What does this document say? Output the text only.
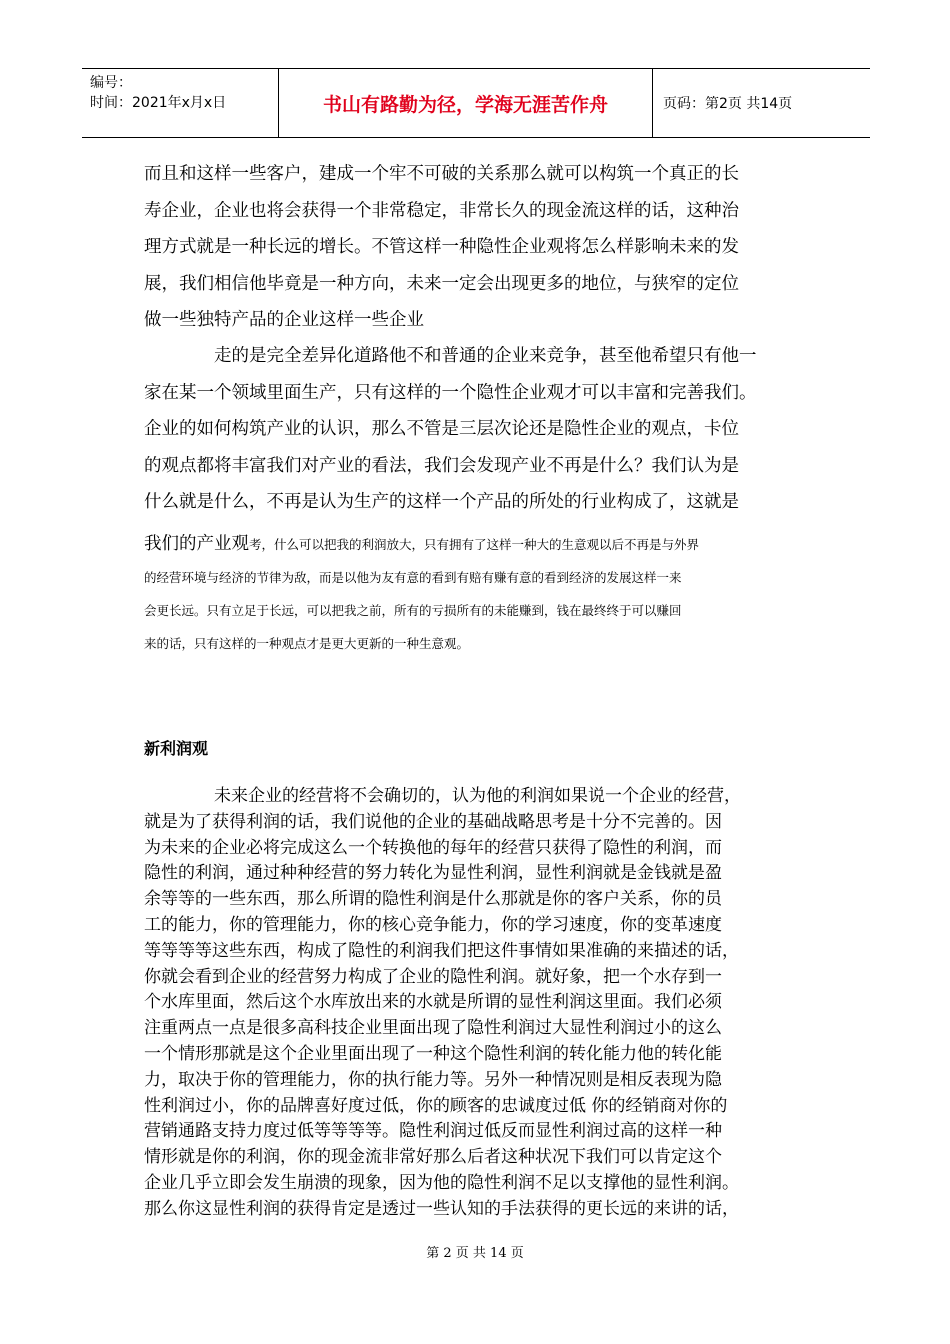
编号：
时间：2021年x月x日	书山有路勤为径，学海无涯苦作舟	页码：第2页 共14页
而且和这样一些客户，建成一个牢不可破的关系那么就可以构筑一个真正的长
寿企业，企业也将会获得一个非常稳定，非常长久的现金流这样的话，这种治
理方式就是一种长远的增长。不管这样一种隐性企业观将怎么样影响未来的发
展，我们相信他毕竟是一种方向，未来一定会出现更多的地位，与狭窄的定位
做一些独特产品的企业这样一些企业
走的是完全差异化道路他不和普通的企业来竞争，甚至他希望只有他一
家在某一个领域里面生产，只有这样的一个隐性企业观才可以丰富和完善我们。
企业的如何构筑产业的认识，那么不管是三层次论还是隐性企业的观点，卡位
的观点都将丰富我们对产业的看法，我们会发现产业不再是什么？我们认为是
什么就是什么，不再是认为生产的这样一个产品的所处的行业构成了，这就是
我们的产业观考，什么可以把我的利润放大，只有拥有了这样一种大的生意观以后不再是与外界
的经营环境与经济的节律为敌，而是以他为友有意的看到有赔有赚有意的看到经济的发展这样一来
会更长远。只有立足于长远，可以把我之前，所有的亏损所有的未能赚到，钱在最终终于可以赚回
来的话，只有这样的一种观点才是更大更新的一种生意观。
新利润观
未来企业的经营将不会确切的，认为他的利润如果说一个企业的经营，
就是为了获得利润的话，我们说他的企业的基础战略思考是十分不完善的。因
为未来的企业必将完成这么一个转换他的每年的经营只获得了隐性的利润，而
隐性的利润，通过种种经营的努力转化为显性利润，显性利润就是金钱就是盈
余等等的一些东西，那么所谓的隐性利润是什么那就是你的客户关系，你的员
工的能力，你的管理能力，你的核心竞争能力，你的学习速度，你的变革速度
等等等等这些东西，构成了隐性的利润我们把这件事情如果准确的来描述的话，
你就会看到企业的经营努力构成了企业的隐性利润。就好象，把一个水存到一
个水库里面，然后这个水库放出来的水就是所谓的显性利润这里面。我们必须
注重两点一点是很多高科技企业里面出现了隐性利润过大显性利润过小的这么
一个情形那就是这个企业里面出现了一种这个隐性利润的转化能力他的转化能
力，取决于你的管理能力，你的执行能力等。另外一种情况则是相反表现为隐
性利润过小，你的品牌喜好度过低，你的顾客的忠诚度过低 你的经销商对你的
营销通路支持力度过低等等等等。隐性利润过低反而显性利润过高的这样一种
情形就是你的利润，你的现金流非常好那么后者这种状况下我们可以肯定这个
企业几乎立即会发生崩溃的现象，因为他的隐性利润不足以支撑他的显性利润。
那么你这显性利润的获得肯定是透过一些认知的手法获得的更长远的来讲的话，
第 2 页 共 14 页
